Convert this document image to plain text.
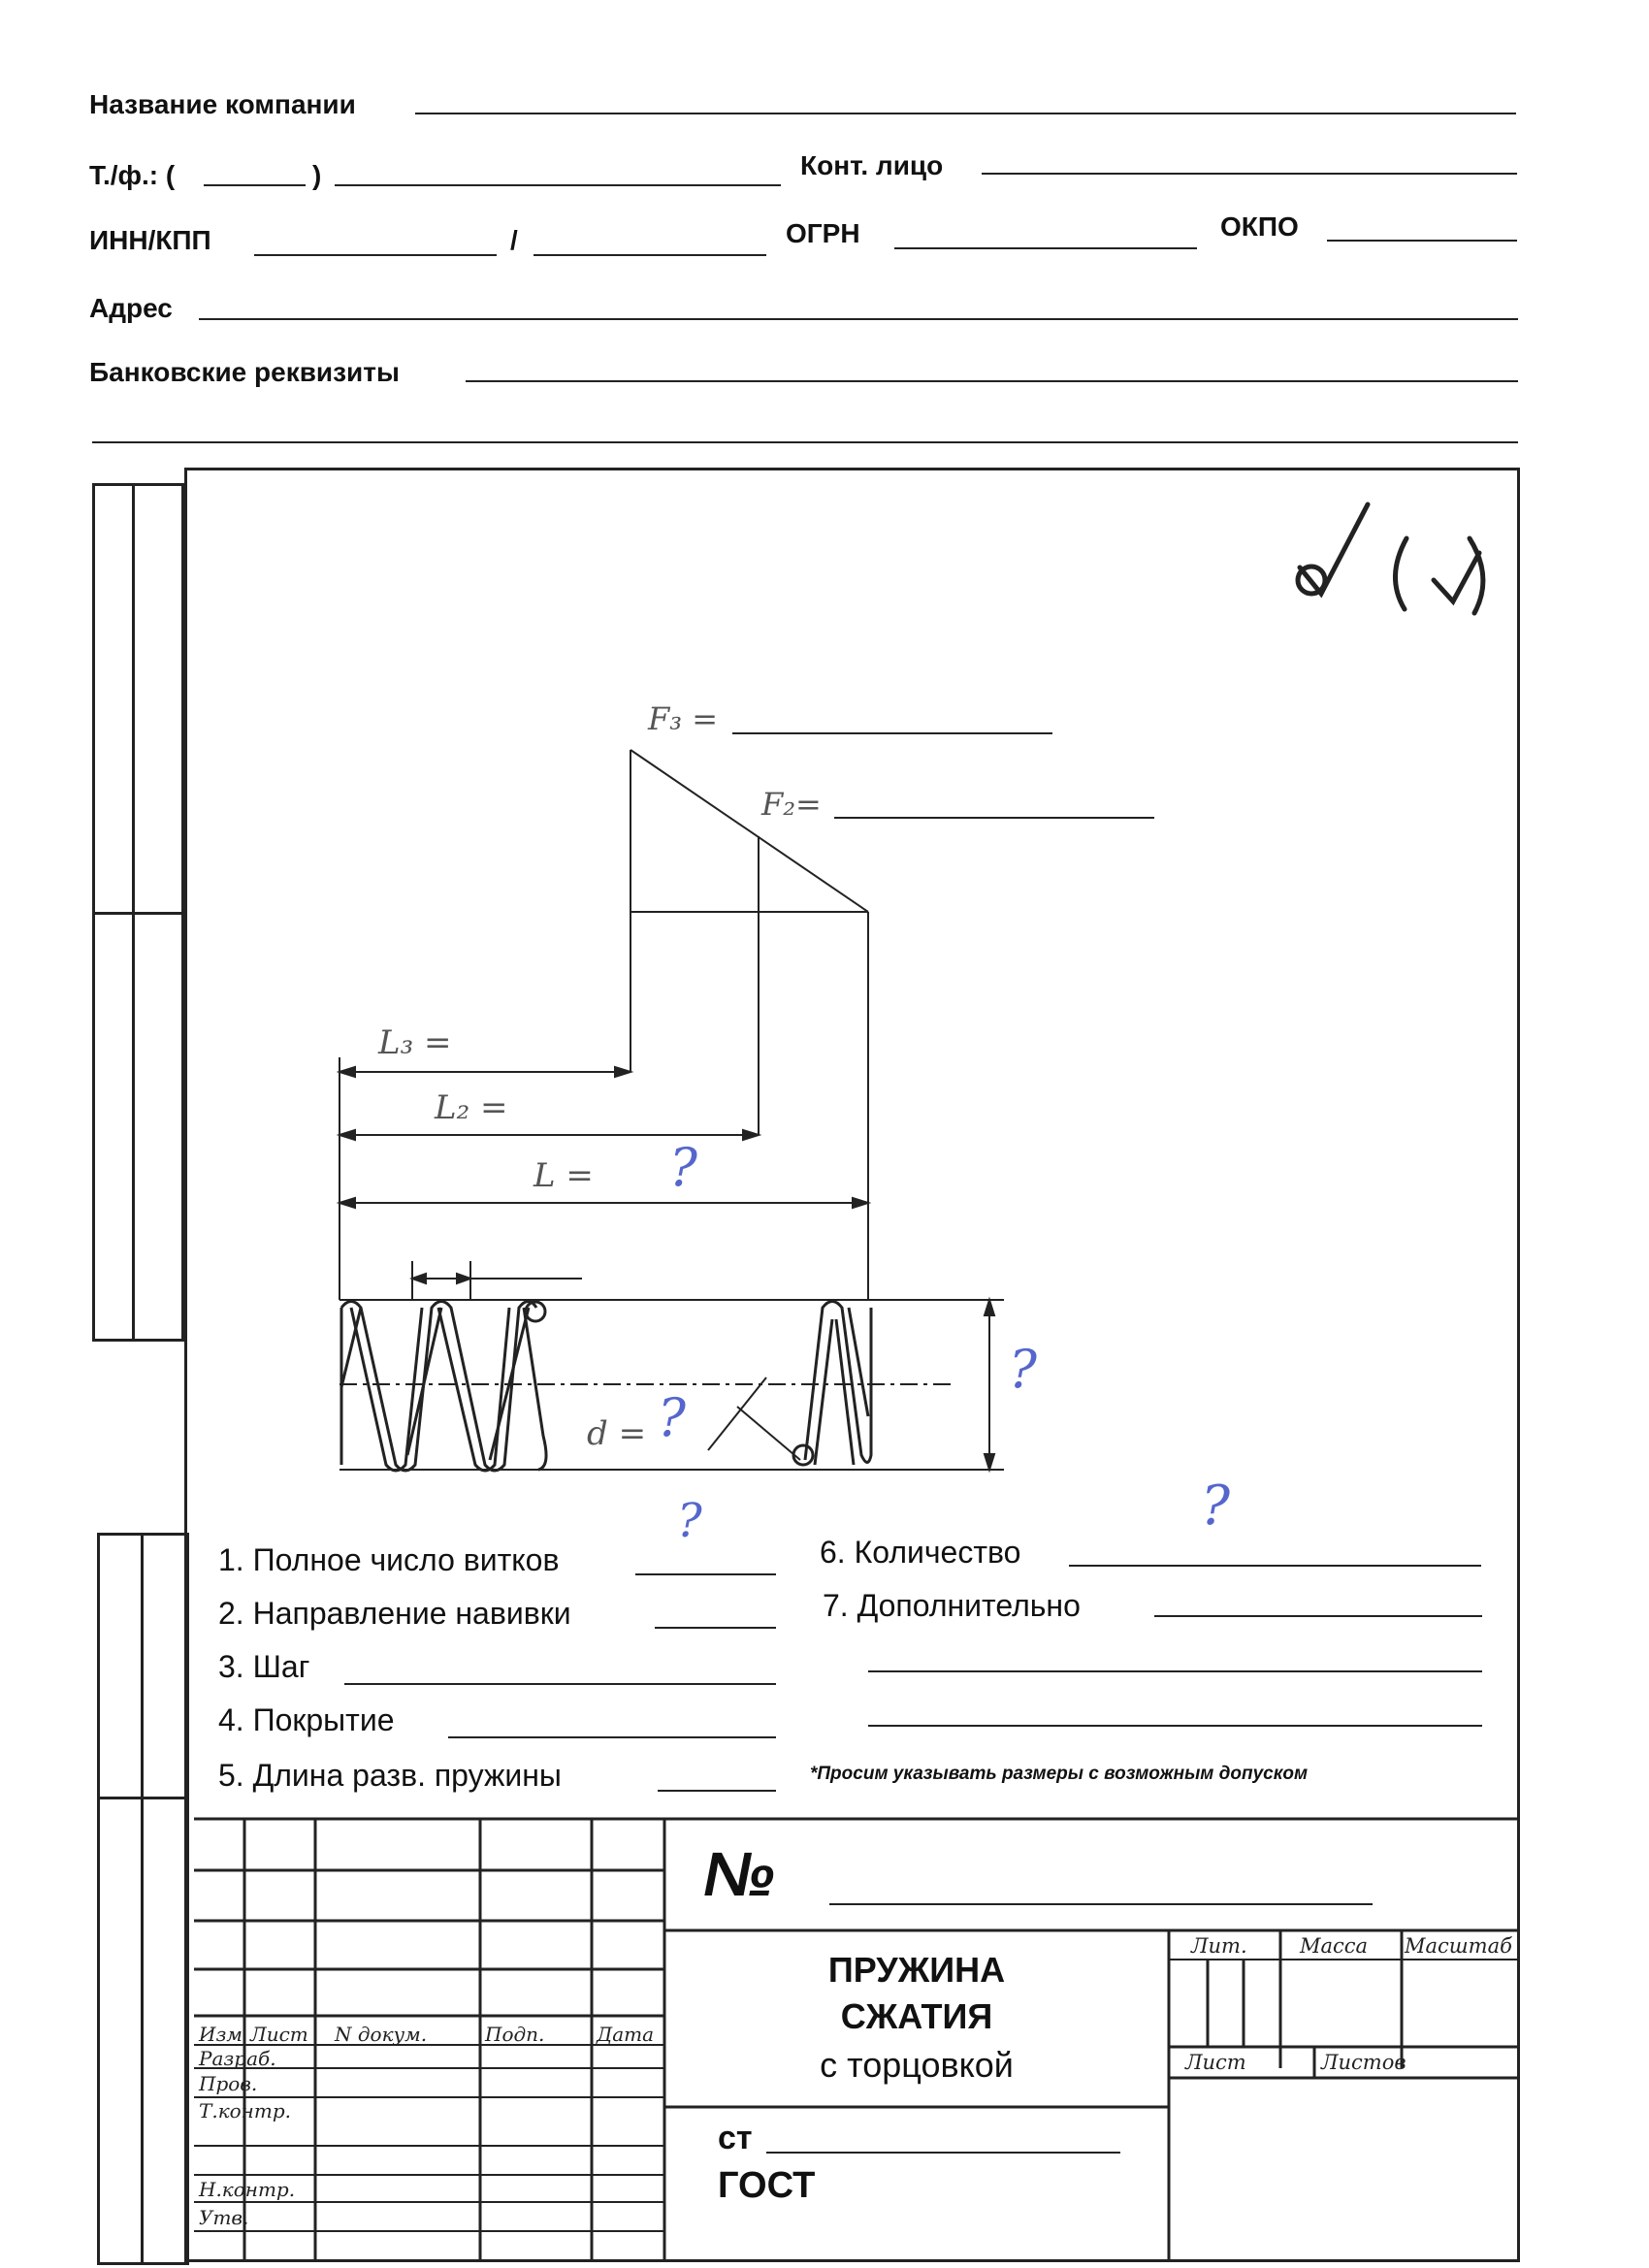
Название компании
Т./ф.: (	)	Конт. лицо
ИНН/КПП	/	ОГРН	ОКПО
Адрес
Банковские реквизиты
F₃ =
F₂=
L₃ =
L₂ =
L = ?
d = ?
?
?	?
1. Полное число витков
2. Направление навивки
3. Шаг
4. Покрытие
5. Длина разв. пружины
6. Количество
7. Дополнительно
*Просим указывать размеры с возможным допуском
№
ПРУЖИНА
СЖАТИЯ
с торцовкой
ст
ГОСТ
Изм Лист N докум.	Подп.	Дата
Разраб.
Пров.
Т.контр.
Н.контр.
Утв.
Лит.	Масса Масштаб
Лист	Листов
